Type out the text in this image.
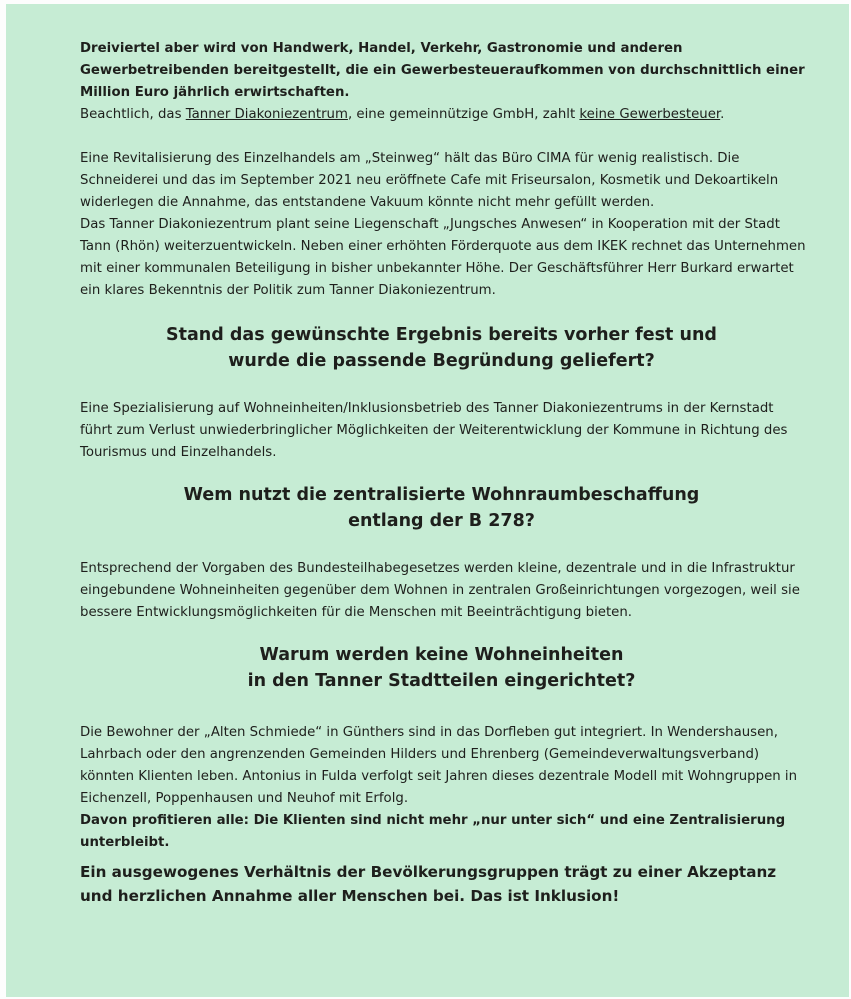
Dreiviertel aber wird von Handwerk, Handel, Verkehr, Gastronomie und anderen Gewerbetreibenden bereitgestellt, die ein Gewerbesteueraufkommen von durchschnittlich einer Million Euro jährlich erwirtschaften.
Beachtlich, das Tanner Diakoniezentrum, eine gemeinnützige GmbH, zahlt keine Gewerbesteuer.

Eine Revitalisierung des Einzelhandels am „Steinweg“ hält das Büro CIMA für wenig realistisch. Die Schneiderei und das im September 2021 neu eröffnete Cafe mit Friseursalon, Kosmetik und Dekoartikeln widerlegen die Annahme, das entstandene Vakuum könnte nicht mehr gefüllt werden.

Das Tanner Diakoniezentrum plant seine Liegenschaft „Jungsches Anwesen“ in Kooperation mit der Stadt Tann (Rhön) weiterzuentwickeln. Neben einer erhöhten Förderquote aus dem IKEK rechnet das Unternehmen mit einer kommunalen Beteiligung in bisher unbekannter Höhe. Der Geschäftsführer Herr Burkard erwartet ein klares Bekenntnis der Politik zum Tanner Diakoniezentrum.

Stand das gewünschte Ergebnis bereits vorher fest und
wurde die passende Begründung geliefert?

Eine Spezialisierung auf Wohneinheiten/Inklusionsbetrieb des Tanner Diakoniezentrums in der Kernstadt führt zum Verlust unwiederbringlicher Möglichkeiten der Weiterentwicklung der Kommune in Richtung des Tourismus und Einzelhandels.

Wem nutzt die zentralisierte Wohnraumbeschaffung
entlang der B 278?

Entsprechend der Vorgaben des Bundesteilhabegesetzes werden kleine, dezentrale und in die Infrastruktur eingebundene Wohneinheiten gegenüber dem Wohnen in zentralen Großeinrichtungen vorgezogen, weil sie bessere Entwicklungsmöglichkeiten für die Menschen mit Beeinträchtigung bieten.

Warum werden keine Wohneinheiten
in den Tanner Stadtteilen eingerichtet?

Die Bewohner der „Alten Schmiede“ in Günthers sind in das Dorfleben gut integriert. In Wendershausen, Lahrbach oder den angrenzenden Gemeinden Hilders und Ehrenberg (Gemeindeverwaltungsverband) könnten Klienten leben. Antonius in Fulda verfolgt seit Jahren dieses dezentrale Modell mit Wohngruppen in Eichenzell, Poppenhausen und Neuhof mit Erfolg.

Davon profitieren alle: Die Klienten sind nicht mehr „nur unter sich“ und eine Zentralisierung unterbleibt.

Ein ausgewogenes Verhältnis der Bevölkerungsgruppen trägt zu einer Akzeptanz und herzlichen Annahme aller Menschen bei. Das ist Inklusion!
